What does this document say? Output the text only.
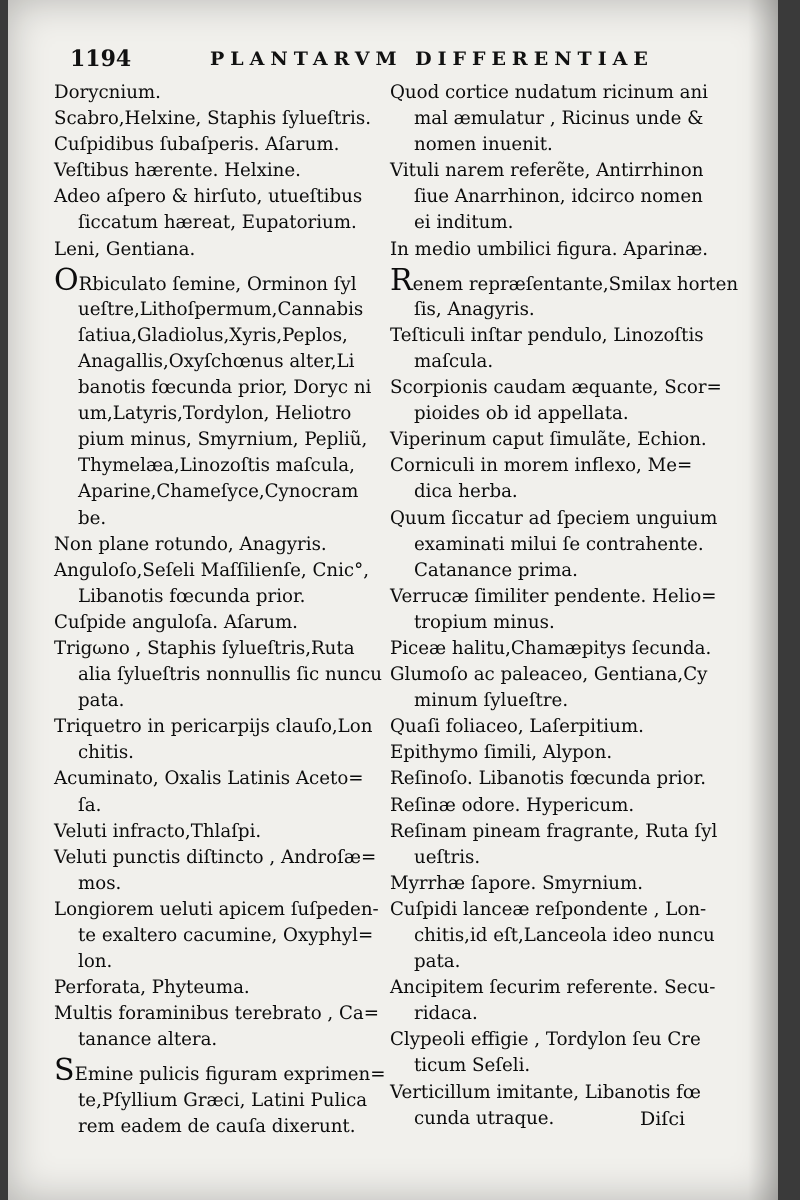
1194	PLANTARVM DIFFERENTIAE
Dorycnium.
Scabro,Helxine, Staphis ſylueſtris.
Cuſpidibus ſubaſperis. Aſarum.
Veſtibus hærente. Helxine.
Adeo aſpero & hirſuto, utueſtibus
ſiccatum hæreat, Eupatorium.
Leni, Gentiana.
ORbiculato ſemine, Orminon ſyl
ueſtre,Lithoſpermum,Cannabis
ſatiua,Gladiolus,Xyris,Peplos,
Anagallis,Oxyſchœnus alter,Li
banotis fœcunda prior, Doryc ni
um,Latyris,Tordylon, Heliotro
pium minus, Smyrnium, Pepliũ,
Thymelæa,Linozoſtis maſcula,
Aparine,Chameſyce,Cynocram
be.
Non plane rotundo, Anagyris.
Anguloſo,Seſeli Maſſilienſe, Cnic°,
Libanotis fœcunda prior.
Cuſpide anguloſa. Aſarum.
Trigωno , Staphis ſylueſtris,Ruta
alia ſylueſtris nonnullis ſic nuncu
pata.
Triquetro in pericarpijs clauſo,Lon
chitis.
Acuminato, Oxalis Latinis Aceto=
ſa.
Veluti infracto,Thlaſpi.
Veluti punctis diſtincto , Androſæ=
mos.
Longiorem ueluti apicem ſuſpeden-
te exaltero cacumine, Oxyphyl=
lon.
Perforata, Phyteuma.
Multis foraminibus terebrato , Ca=
tanance altera.
SEmine pulicis figuram exprimen=
te,Pſyllium Græci, Latini Pulica
rem eadem de cauſa dixerunt.
Quod cortice nudatum ricinum ani
mal æmulatur , Ricinus unde &
nomen inuenit.
Vituli narem referẽte, Antirrhinon
ſiue Anarrhinon, idcirco nomen
ei inditum.
In medio umbilici figura. Aparinæ.
Renem repræſentante,Smilax horten
ſis, Anagyris.
Teſticuli inſtar pendulo, Linozoſtis
maſcula.
Scorpionis caudam æquante, Scor=
pioides ob id appellata.
Viperinum caput ſimulãte, Echion.
Corniculi in morem inflexo, Me=
dica herba.
Quum ſiccatur ad ſpeciem unguium
examinati milui ſe contrahente.
Catanance prima.
Verrucæ ſimiliter pendente. Helio=
tropium minus.
Piceæ halitu,Chamæpitys ſecunda.
Glumoſo ac paleaceo, Gentiana,Cy
minum ſylueſtre.
Quaſi foliaceo, Laſerpitium.
Epithymo ſimili, Alypon.
Reſinoſo. Libanotis fœcunda prior.
Reſinæ odore. Hypericum.
Reſinam pineam fragrante, Ruta ſyl
ueſtris.
Myrrhæ ſapore. Smyrnium.
Cuſpidi lanceæ reſpondente , Lon-
chitis,id eſt,Lanceola ideo nuncu
pata.
Ancipitem ſecurim referente. Secu-
ridaca.
Clypeoli effigie , Tordylon ſeu Cre
ticum Seſeli.
Verticillum imitante, Libanotis fœ
cunda utraque.	Diſci
